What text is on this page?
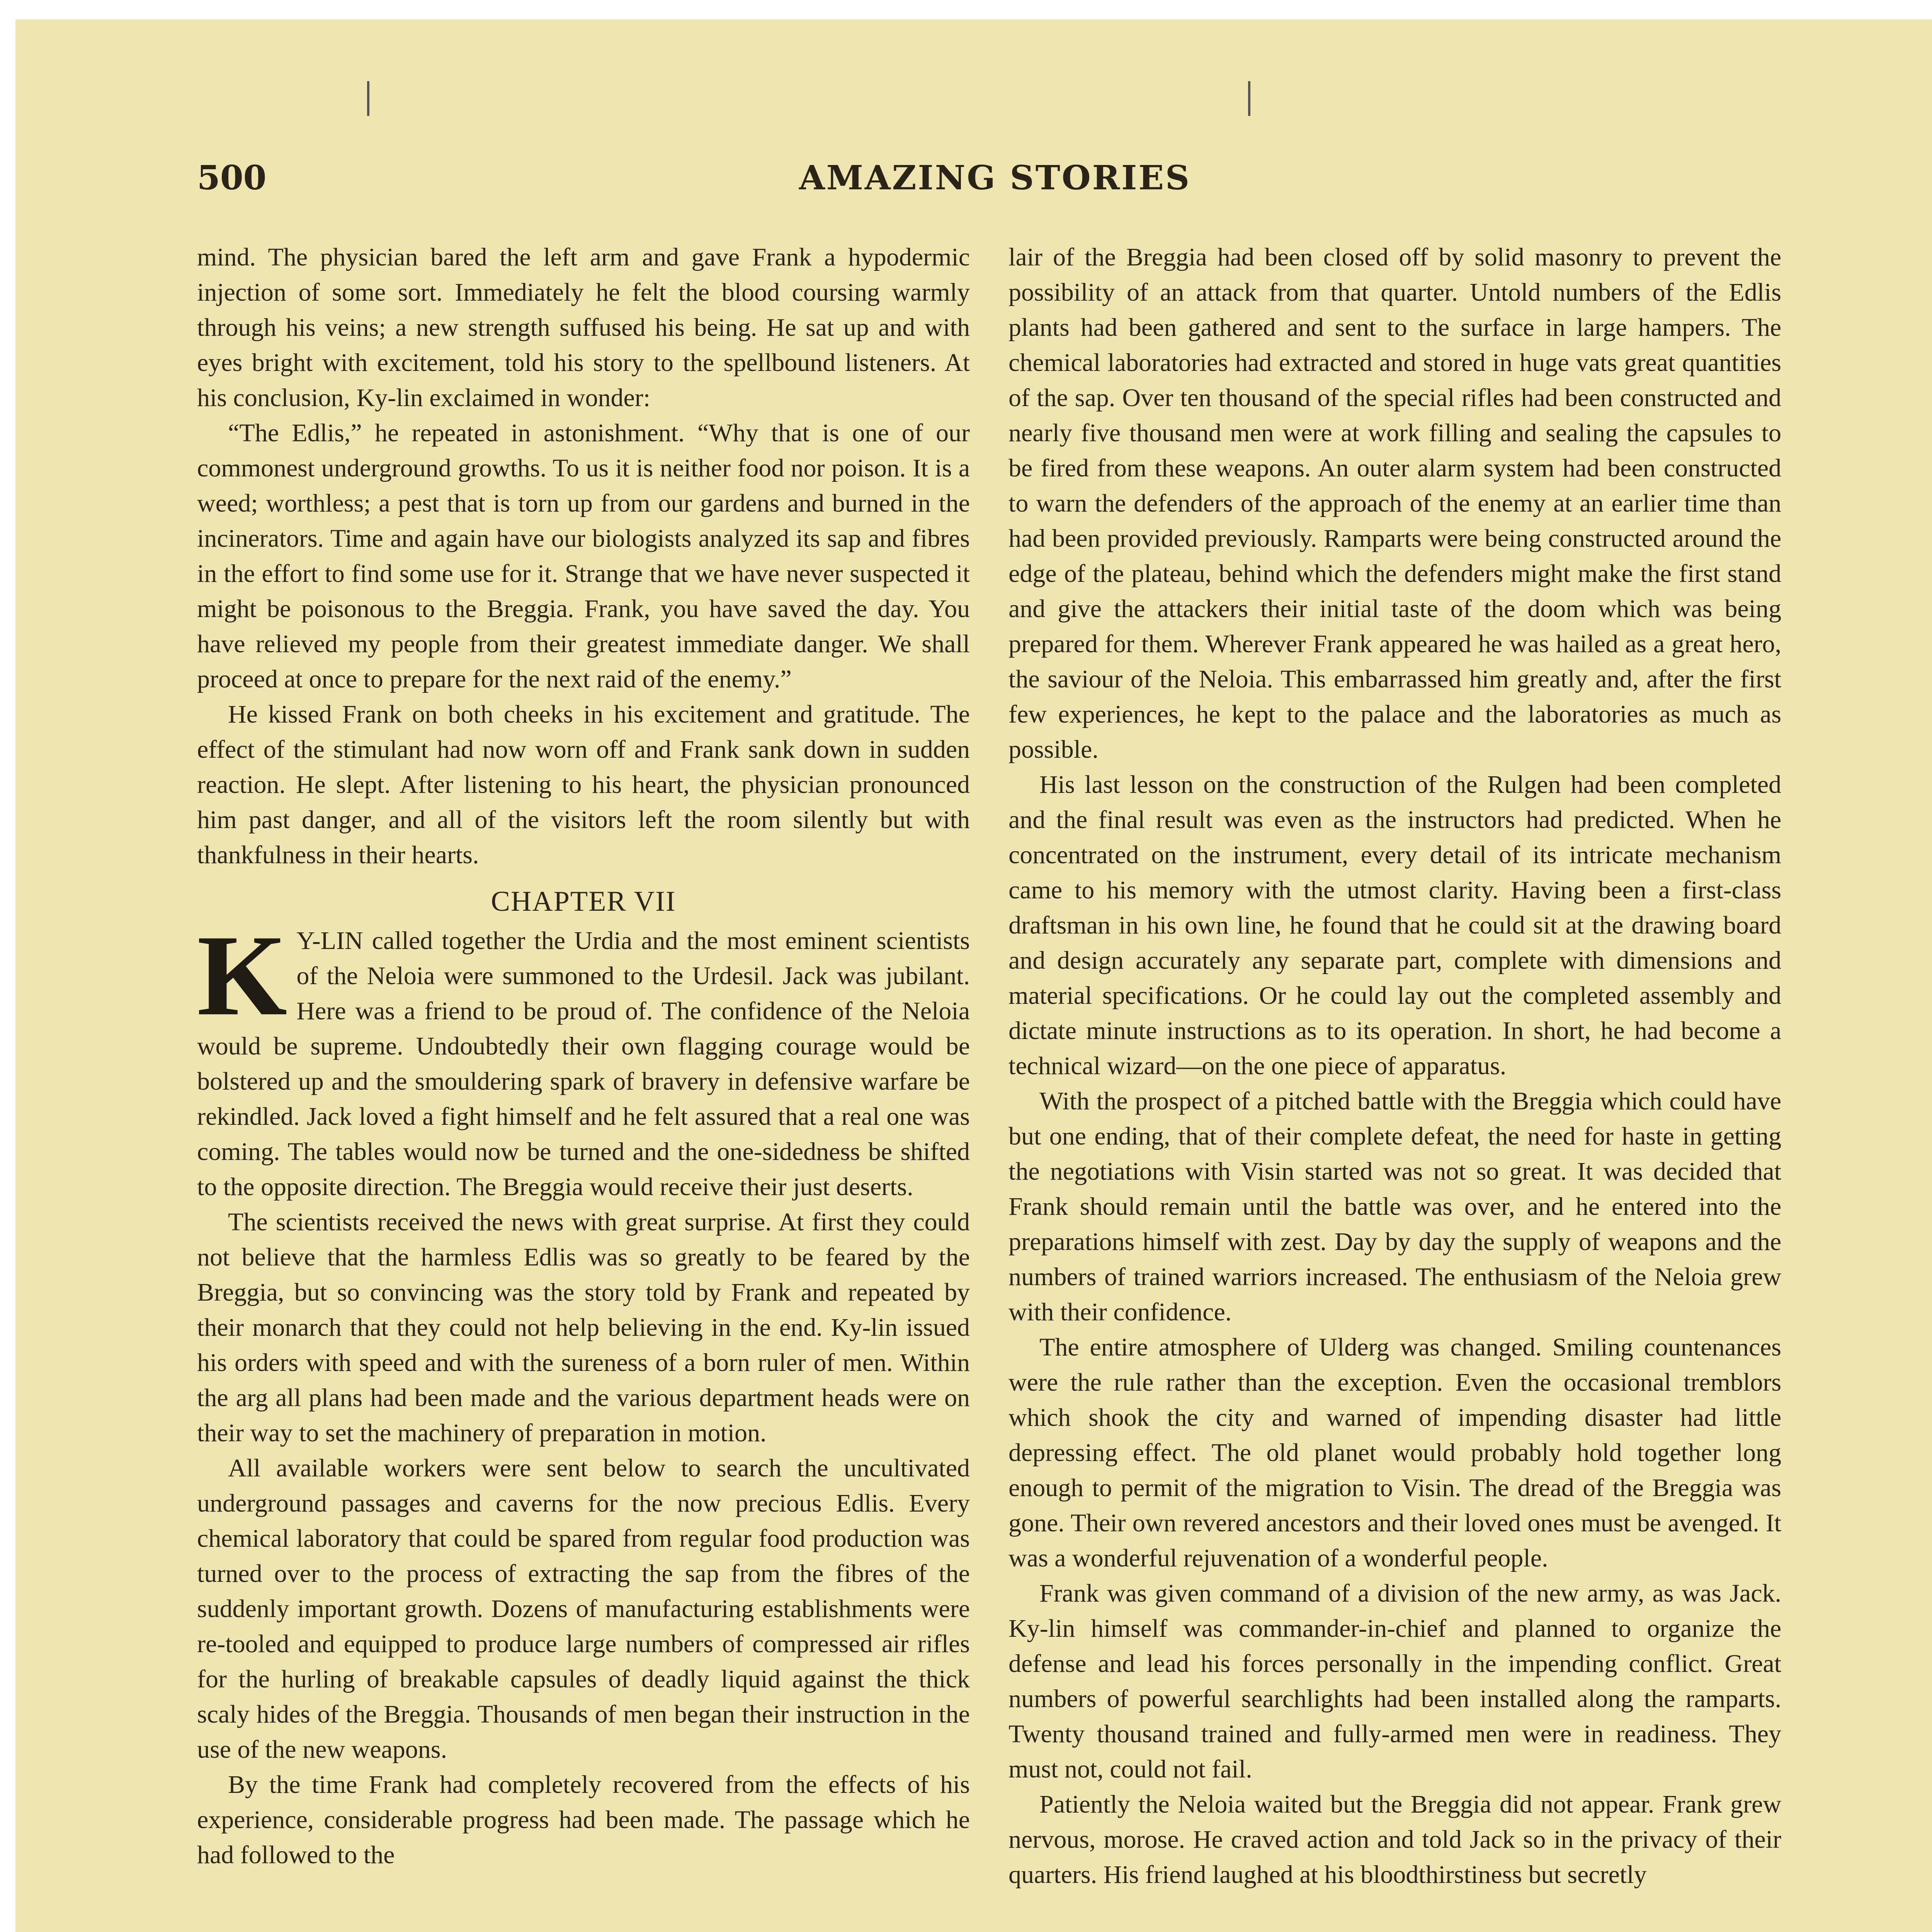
AMAZING STORIES
500

mind. The physician bared the left arm and gave Frank a hypodermic injection of some sort. Immediately he felt the blood coursing warmly through his veins; a new strength suffused his being. He sat up and with eyes bright with excitement, told his story to the spellbound listeners. At his conclusion, Ky-lin exclaimed in wonder:

“The Edlis,” he repeated in astonishment. “Why that is one of our commonest underground growths. To us it is neither food nor poison. It is a weed; worthless; a pest that is torn up from our gardens and burned in the incinerators. Time and again have our biologists analyzed its sap and fibres in the effort to find some use for it. Strange that we have never suspected it might be poisonous to the Breggia. Frank, you have saved the day. You have relieved my people from their greatest immediate danger. We shall proceed at once to prepare for the next raid of the enemy.”

He kissed Frank on both cheeks in his excitement and gratitude. The effect of the stimulant had now worn off and Frank sank down in sudden reaction. He slept. After listening to his heart, the physician pronounced him past danger, and all of the visitors left the room silently but with thankfulness in their hearts.

CHAPTER VII

K Y-LIN called together the Urdia and the most eminent scientists of the Neloia were summoned to the Urdesil. Jack was jubilant. Here was a friend to be proud of. The confidence of the Neloia would be supreme. Undoubtedly their own flagging courage would be bolstered up and the smouldering spark of bravery in defensive warfare be rekindled. Jack loved a fight himself and he felt assured that a real one was coming. The tables would now be turned and the one-sidedness be shifted to the opposite direction. The Breggia would receive their just deserts.

The scientists received the news with great surprise. At first they could not believe that the harmless Edlis was so greatly to be feared by the Breggia, but so convincing was the story told by Frank and repeated by their monarch that they could not help believing in the end. Ky-lin issued his orders with speed and with the sureness of a born ruler of men. Within the arg all plans had been made and the various department heads were on their way to set the machinery of preparation in motion.

All available workers were sent below to search the uncultivated underground passages and caverns for the now precious Edlis. Every chemical laboratory that could be spared from regular food production was turned over to the process of extracting the sap from the fibres of the suddenly important growth. Dozens of manufacturing establishments were re-tooled and equipped to produce large numbers of compressed air rifles for the hurling of breakable capsules of deadly liquid against the thick scaly hides of the Breggia. Thousands of men began their instruction in the use of the new weapons.

By the time Frank had completely recovered from the effects of his experience, considerable progress had been made. The passage which he had followed to the

lair of the Breggia had been closed off by solid masonry to prevent the possibility of an attack from that quarter. Untold numbers of the Edlis plants had been gathered and sent to the surface in large hampers. The chemical laboratories had extracted and stored in huge vats great quantities of the sap. Over ten thousand of the special rifles had been constructed and nearly five thousand men were at work filling and sealing the capsules to be fired from these weapons. An outer alarm system had been constructed to warn the defenders of the approach of the enemy at an earlier time than had been provided previously. Ramparts were being constructed around the edge of the plateau, behind which the defenders might make the first stand and give the attackers their initial taste of the doom which was being prepared for them. Wherever Frank appeared he was hailed as a great hero, the saviour of the Neloia. This embarrassed him greatly and, after the first few experiences, he kept to the palace and the laboratories as much as possible.

His last lesson on the construction of the Rulgen had been completed and the final result was even as the instructors had predicted. When he concentrated on the instrument, every detail of its intricate mechanism came to his memory with the utmost clarity. Having been a first-class draftsman in his own line, he found that he could sit at the drawing board and design accurately any separate part, complete with dimensions and material specifications. Or he could lay out the completed assembly and dictate minute instructions as to its operation. In short, he had become a technical wizard—on the one piece of apparatus.

With the prospect of a pitched battle with the Breggia which could have but one ending, that of their complete defeat, the need for haste in getting the negotiations with Visin started was not so great. It was decided that Frank should remain until the battle was over, and he entered into the preparations himself with zest. Day by day the supply of weapons and the numbers of trained warriors increased. The enthusiasm of the Neloia grew with their confidence.

The entire atmosphere of Ulderg was changed. Smiling countenances were the rule rather than the exception. Even the occasional tremblors which shook the city and warned of impending disaster had little depressing effect. The old planet would probably hold together long enough to permit of the migration to Visin. The dread of the Breggia was gone. Their own revered ancestors and their loved ones must be avenged. It was a wonderful rejuvenation of a wonderful people.

Frank was given command of a division of the new army, as was Jack. Ky-lin himself was commander-in-chief and planned to organize the defense and lead his forces personally in the impending conflict. Great numbers of powerful searchlights had been installed along the ramparts. Twenty thousand trained and fully-armed men were in readiness. They must not, could not fail.

Patiently the Neloia waited but the Breggia did not appear. Frank grew nervous, morose. He craved action and told Jack so in the privacy of their quarters. His friend laughed at his bloodthirstiness but secretly
